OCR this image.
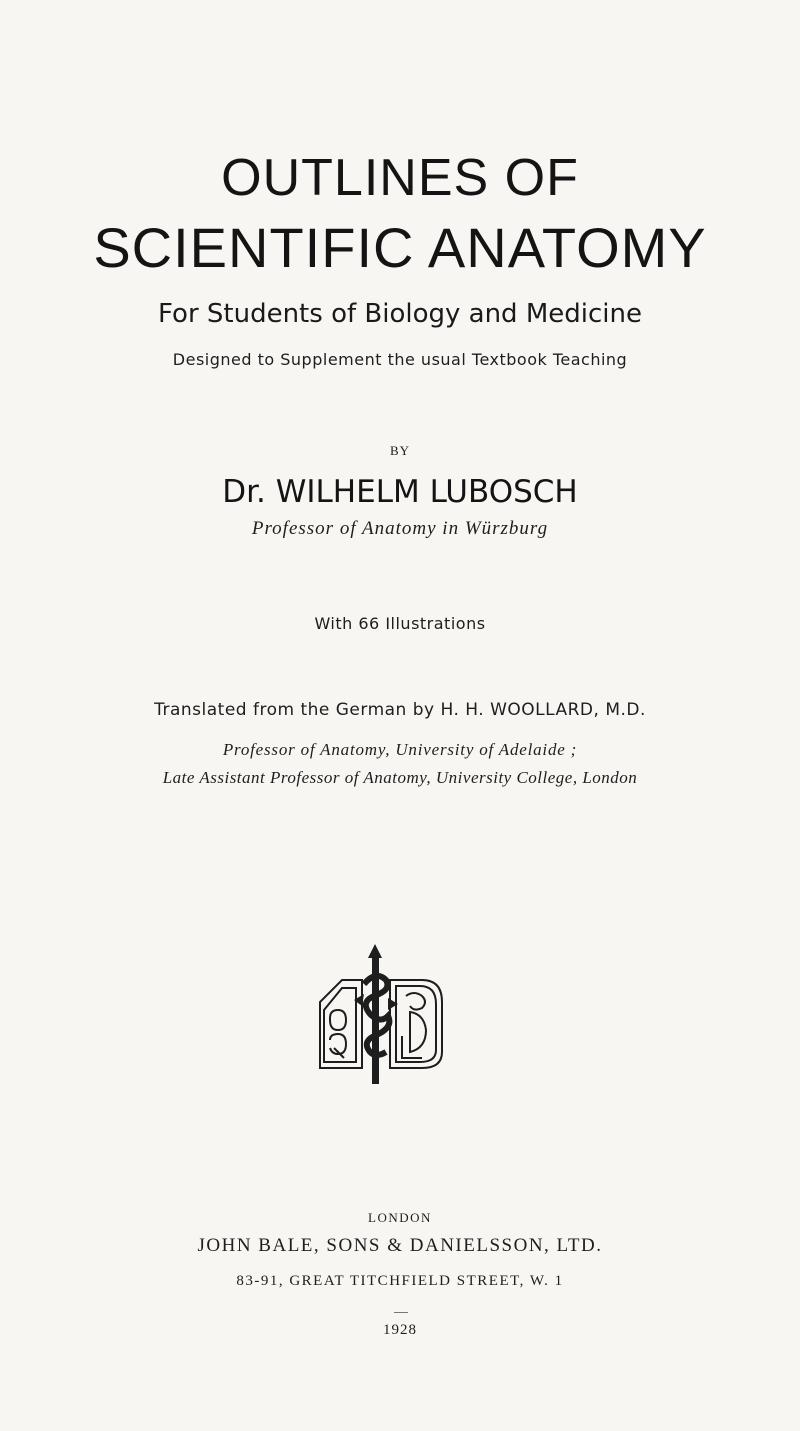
OUTLINES OF
SCIENTIFIC ANATOMY
For Students of Biology and Medicine
Designed to Supplement the usual Textbook Teaching
BY
Dr. WILHELM LUBOSCH
Professor of Anatomy in Würzburg
With 66 Illustrations
Translated from the German by H. H. WOOLLARD, M.D.
Professor of Anatomy, University of Adelaide ;
Late Assistant Professor of Anatomy, University College, London
LONDON
JOHN BALE, SONS & DANIELSSON, LTD.
83-91, GREAT TITCHFIELD STREET, W. 1
1928
